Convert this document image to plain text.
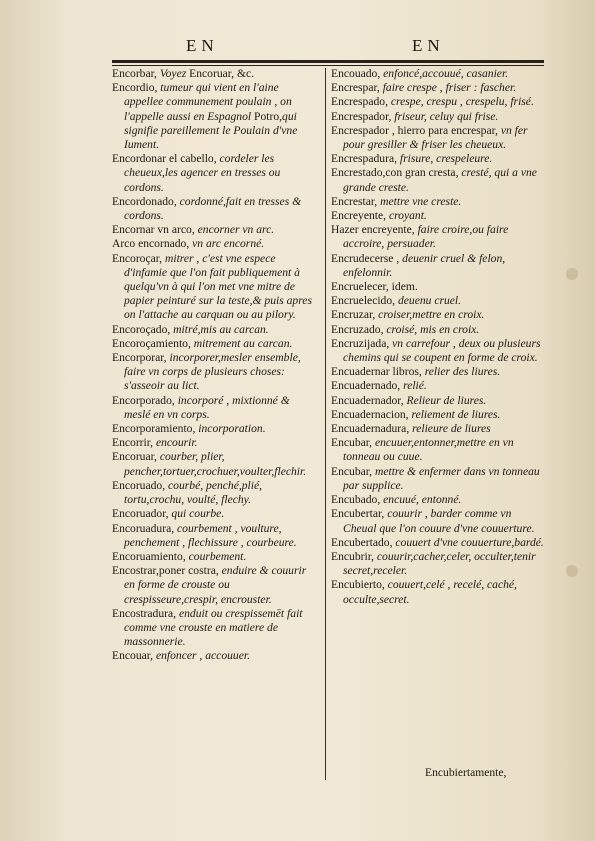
EN	EN

Encorbar, Voyez Encoruar, &c.

Encordio, tumeur qui vient en l'aine appellee communement poulain , on l'appelle aussi en Espagnol Potro,qui signifie pareillement le Poulain d'vne Iument.

Encordonar el cabello, cordeler les cheueux,les agencer en tresses ou cordons.

Encordonado, cordonné,fait en tresses & cordons.

Encornar vn arco, encorner vn arc.

Arco encornado, vn arc encorné.

Encoroçar, mitrer , c'est vne espece d'infamie que l'on fait publiquement à quelqu'vn à qui l'on met vne mitre de papier peinturé sur la teste,& puis apres on l'attache au carquan ou au pilory.

Encoroçado, mitré,mis au carcan.

Encoroçamiento, mitrement au carcan.

Encorporar, incorporer,mesler ensemble, faire vn corps de plusieurs choses: s'asseoir au lict.

Encorporado, incorporé , mixtionné & meslé en vn corps.

Encorporamiento, incorporation.

Encorrir, encourir.

Encoruar, courber, plier, pencher,tortuer,crochuer,voulter,flechir.

Encoruado, courbé, penché,plié, tortu,crochu, voulté, flechy.

Encoruador, qui courbe.

Encoruadura, courbement , voulture, penchement , flechissure , courbeure.

Encoruamiento, courbement.

Encostrar,poner costra, enduire & couurir en forme de crouste ou crespisseure,crespir, encrouster.

Encostradura, enduit ou crespissemēt fait comme vne crouste en matiere de massonnerie.

Encouar, enfoncer , accouuer.

Encouado, enfoncé,accouué, casanier.

Encrespar, faire crespe , friser : fascher.

Encrespado, crespe, crespu , crespelu, frisé.

Encrespador, friseur, celuy qui frise.

Encrespador , hierro para encrespar, vn fer pour gresiller & friser les cheueux.

Encrespadura, frisure, crespeleure.

Encrestado,con gran cresta, cresté, qui a vne grande creste.

Encrestar, mettre vne creste.

Encreyente, croyant.

Hazer encreyente, faire croire,ou faire accroire, persuader.

Encrudecerse , deuenir cruel & felon, enfelonnir.

Encruelecer, idem.

Encruelecido, deuenu cruel.

Encruzar, croiser,mettre en croix.

Encruzado, croisé, mis en croix.

Encruzijada, vn carrefour , deux ou plusieurs chemins qui se coupent en forme de croix.

Encuadernar libros, relier des liures.

Encuadernado, relié.

Encuadernador, Relieur de liures.

Encuadernacion, reliement de liures.

Encuadernadura, relieure de liures

Encubar, encuuer,entonner,mettre en vn tonneau ou cuue.

Encubar, mettre & enfermer dans vn tonneau par supplice.

Encubado, encuué, entonné.

Encubertar, couurir , barder comme vn Cheual que l'on couure d'vne couuerture.

Encubertado, couuert d'vne couuerture,bardé.

Encubrir, couurir,cacher,celer, occulter,tenir secret,receler.

Encubierto, couuert,celé , recelé, caché, occulte,secret.

Encubiertamente,
